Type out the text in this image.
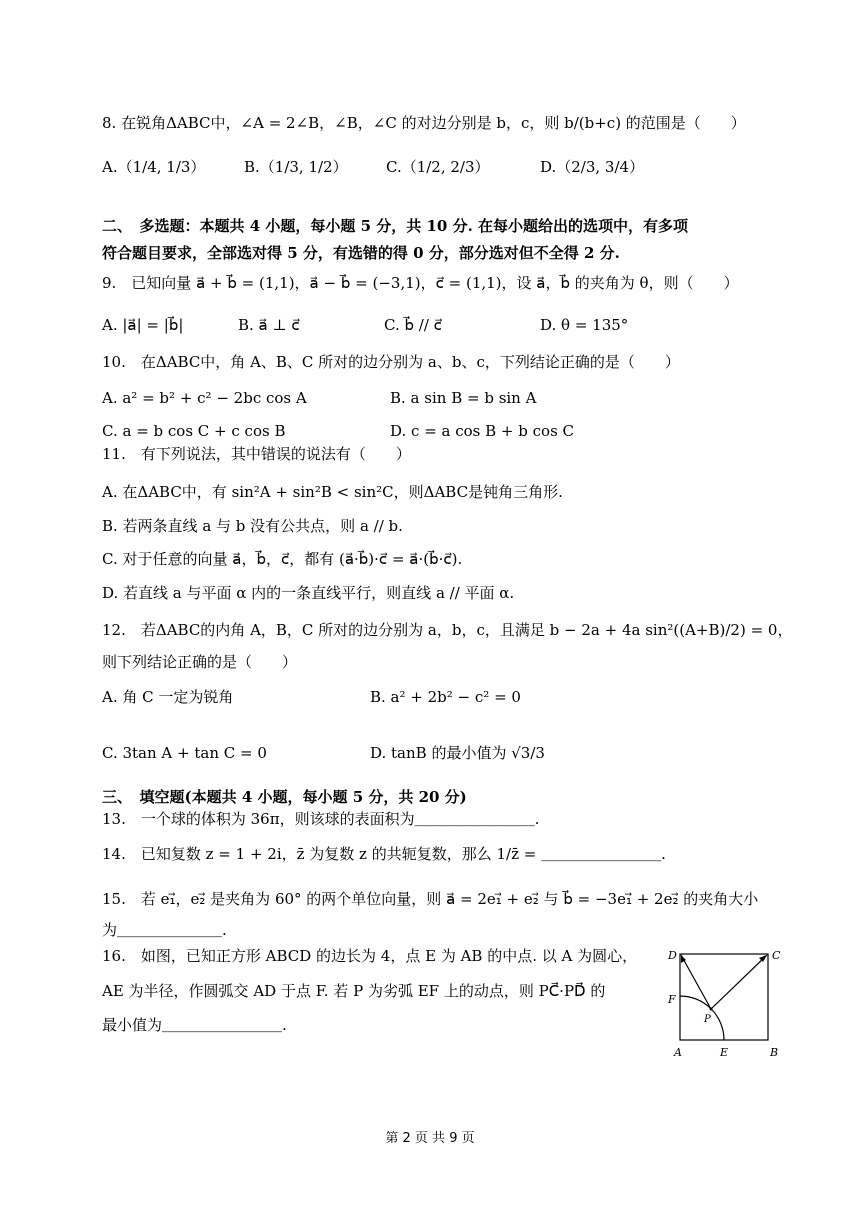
8. 在锐角ΔABC中，∠A = 2∠B，∠B，∠C 的对边分别是 b，c，则 b/(b+c) 的范围是（　　）
A.（1/4, 1/3）	B.（1/3, 1/2）	C.（1/2, 2/3）	D.（2/3, 3/4）
二、　多选题：本题共 4 小题，每小题 5 分，共 10 分. 在每小题给出的选项中，有多项
符合题目要求，全部选对得 5 分，有选错的得 0 分，部分选对但不全得 2 分.
9.　已知向量 a⃗ + b⃗ = (1,1)，a⃗ − b⃗ = (−3,1)，c⃗ = (1,1)，设 a⃗，b⃗ 的夹角为 θ，则（　　）
A. |a⃗| = |b⃗|	B. a⃗ ⊥ c⃗	C. b⃗ // c⃗	D. θ = 135°
10.　在ΔABC中，角 A、B、C 所对的边分别为 a、b、c，下列结论正确的是（　　）
A. a² = b² + c² − 2bc cos A	B. a sin B = b sin A
C. a = b cos C + c cos B	D. c = a cos B + b cos C
11.　有下列说法，其中错误的说法有（　　）
A. 在ΔABC中，有 sin²A + sin²B < sin²C，则ΔABC是钝角三角形.
B. 若两条直线 a 与 b 没有公共点，则 a // b.
C. 对于任意的向量 a⃗，b⃗，c⃗，都有 (a⃗·b⃗)·c⃗ = a⃗·(b⃗·c⃗).
D. 若直线 a 与平面 α 内的一条直线平行，则直线 a // 平面 α.
12.　若ΔABC的内角 A，B，C 所对的边分别为 a，b，c，且满足 b − 2a + 4a sin²((A+B)/2) = 0，
则下列结论正确的是（　　）
A. 角 C 一定为锐角	B. a² + 2b² − c² = 0
C. 3tan A + tan C = 0	D. tanB 的最小值为 √3/3
三、　填空题(本题共 4 小题，每小题 5 分，共 20 分)
13.　一个球的体积为 36π，则该球的表面积为＿＿＿＿＿＿＿＿.
14.　已知复数 z = 1 + 2i，z̄ 为复数 z 的共轭复数，那么 1/z̄ = ＿＿＿＿＿＿＿＿.
15.　若 e₁⃗，e₂⃗ 是夹角为 60° 的两个单位向量，则 a⃗ = 2e₁⃗ + e₂⃗ 与 b⃗ = −3e₁⃗ + 2e₂⃗ 的夹角大小
为＿＿＿＿＿＿＿.
16.　如图，已知正方形 ABCD 的边长为 4，点 E 为 AB 的中点. 以 A 为圆心，
AE 为半径，作圆弧交 AD 于点 F. 若 P 为劣弧 EF 上的动点，则 PC⃗·PD⃗ 的
最小值为＿＿＿＿＿＿＿＿.
D	C
F
P
A	E	B
第 2 页 共 9 页
